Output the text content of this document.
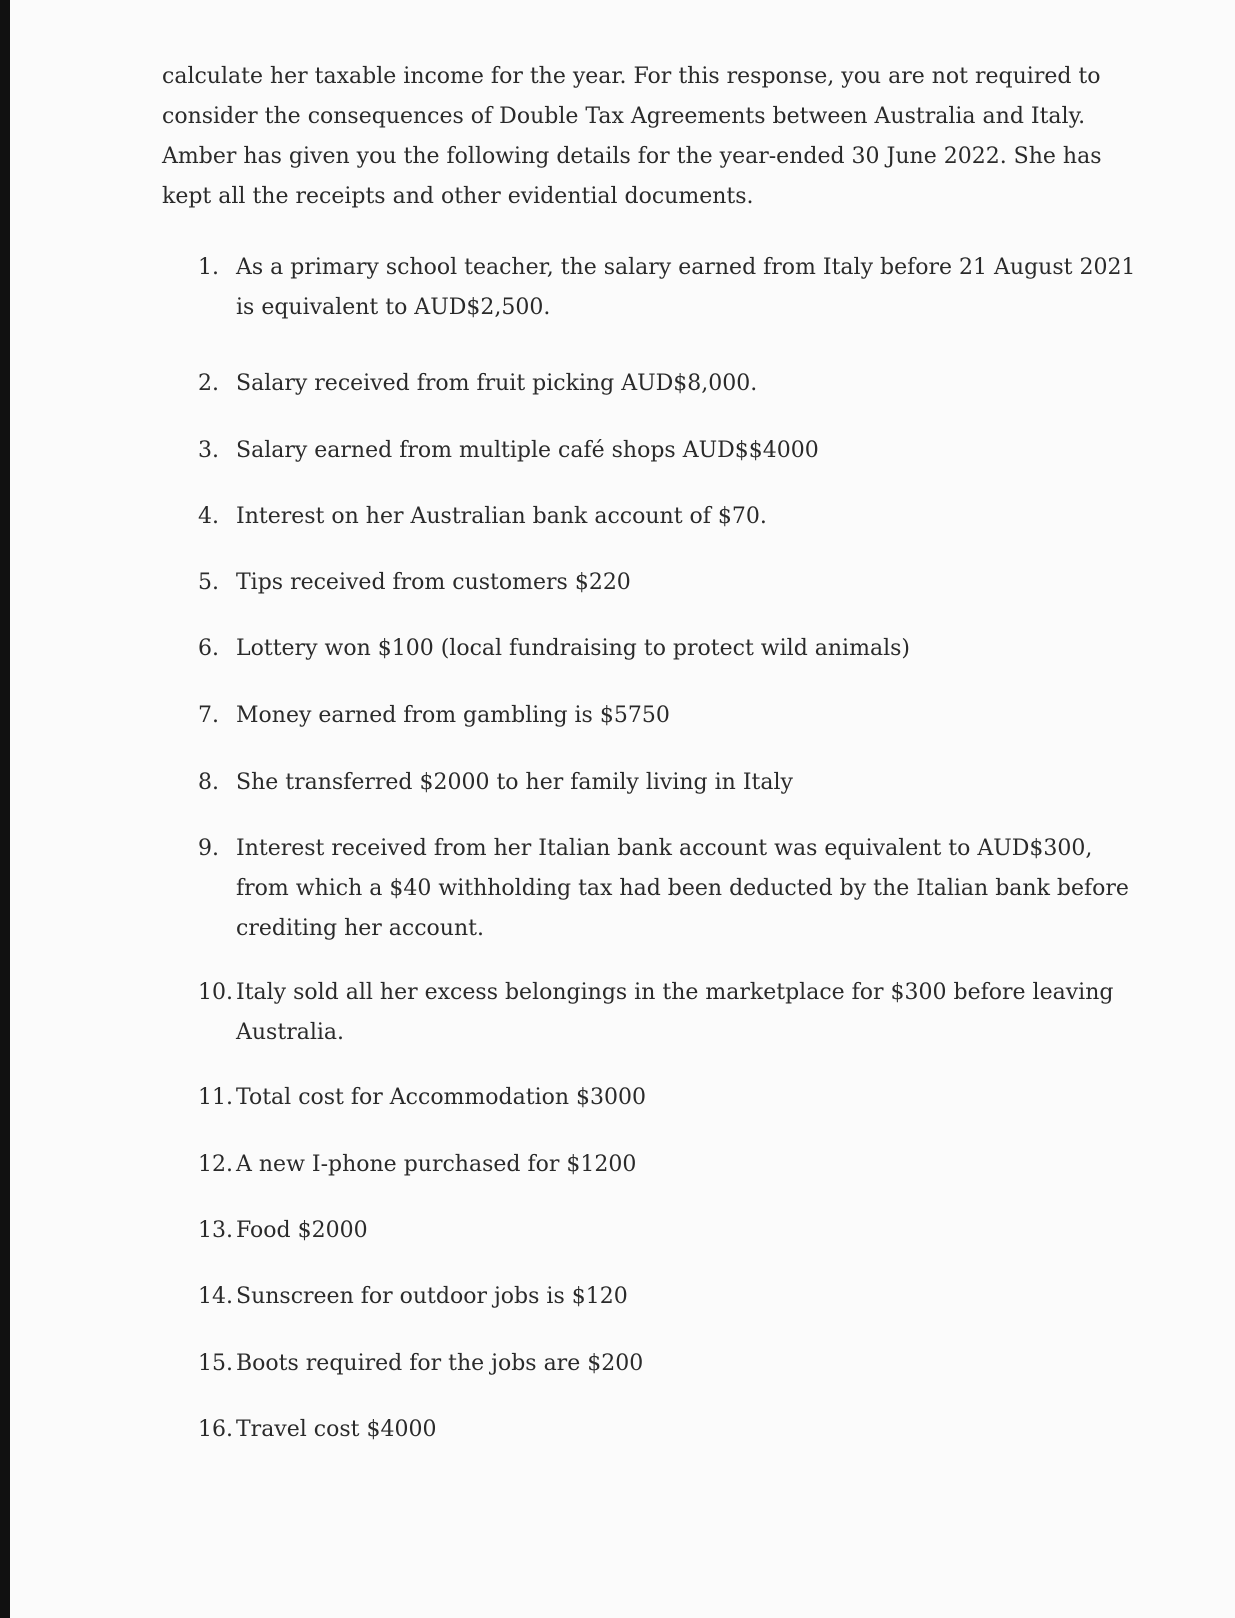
calculate her taxable income for the year. For this response, you are not required to
consider the consequences of Double Tax Agreements between Australia and Italy.
Amber has given you the following details for the year-ended 30 June 2022. She has
kept all the receipts and other evidential documents.

1. As a primary school teacher, the salary earned from Italy before 21 August 2021
is equivalent to AUD$2,500.
2. Salary received from fruit picking AUD$8,000.
3. Salary earned from multiple café shops AUD$$4000
4. Interest on her Australian bank account of $70.
5. Tips received from customers $220
6. Lottery won $100 (local fundraising to protect wild animals)
7. Money earned from gambling is $5750
8. She transferred $2000 to her family living in Italy
9. Interest received from her Italian bank account was equivalent to AUD$300,
from which a $40 withholding tax had been deducted by the Italian bank before
crediting her account.
10. Italy sold all her excess belongings in the marketplace for $300 before leaving
Australia.
11. Total cost for Accommodation $3000
12. A new I-phone purchased for $1200
13. Food $2000
14. Sunscreen for outdoor jobs is $120
15. Boots required for the jobs are $200
16. Travel cost $4000
